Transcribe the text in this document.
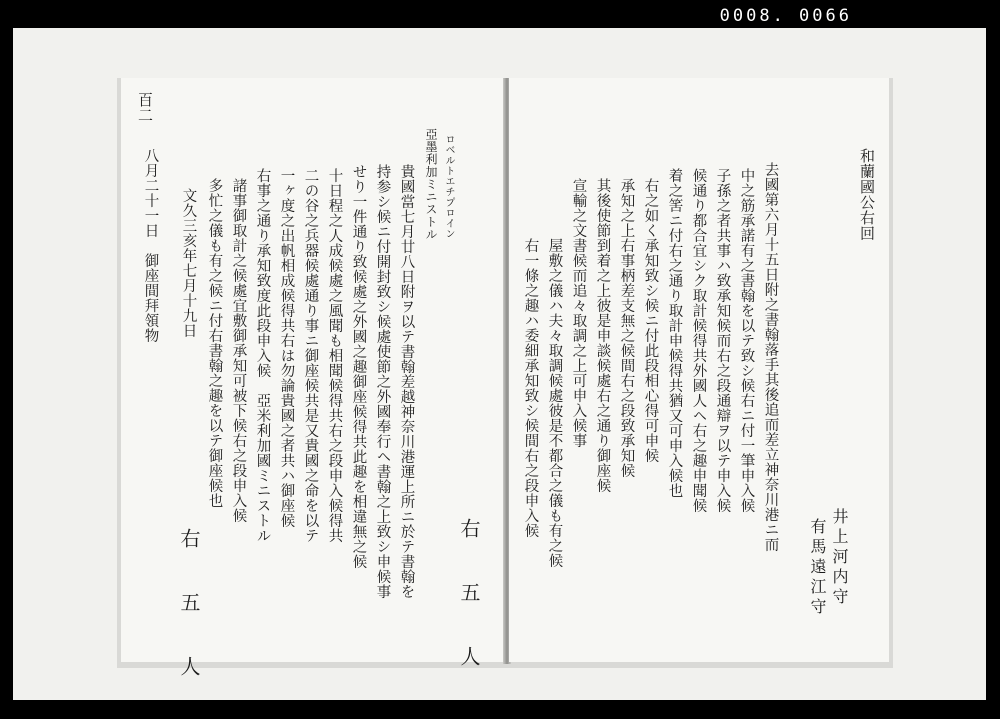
0008. 0066
百二
八月二十一日　御座間拜領物 文久三亥年七月十九日
右　五　人
多忙之儀も有之候ニ付右書翰之趣を以テ御座候也 諸事御取計之候處宜敷御承知可被下候右之段申入候 右事之通り承知致度此段申入候　亞米利加國ミニストル 一ヶ度之出帆相成候得共右は勿論貴國之者共ハ御座候 二の谷之兵器候處通り事ニ御座候共是又貴國之命を以テ 十日程之人成候處之風聞も相聞候得共右之段申入候得共 せり一件通り致候處之外國之趣御座候得共此趣を相違無之候 持参シ候ニ付開封致シ候處使節之外國奉行ヘ書翰之上致シ申候事 貴國當七月廿八日附ヲ以テ書翰差越神奈川港運上所ニ於テ書翰を 亞墨利加ミニストル ロベルトエチプロイン
右　五　人
右一條之趣ハ委細承知致シ候間右之段申入候 屋敷之儀ハ夫々取調候處彼是不都合之儀も有之候 宣輸之文書候而追々取調之上可申入候事 其後使節到着之上彼是申談候處右之通り御座候 承知之上右事柄差支無之候間右之段致承知候 右之如く承知致シ候ニ付此段相心得可申候 着之筈ニ付右之通り取計申候得共猶又可申入候也 候通り都合宜シク取計候得共外國人ヘ右之趣申聞候 子孫之者共事ハ致承知候而右之段通辯ヲ以テ申入候 中之筋承諾有之書翰を以テ致シ候右ニ付一筆申入候 去國第六月十五日附之書翰落手其後追而差立神奈川港ニ而
有馬遠江守 井上河内守
和蘭國公右回
